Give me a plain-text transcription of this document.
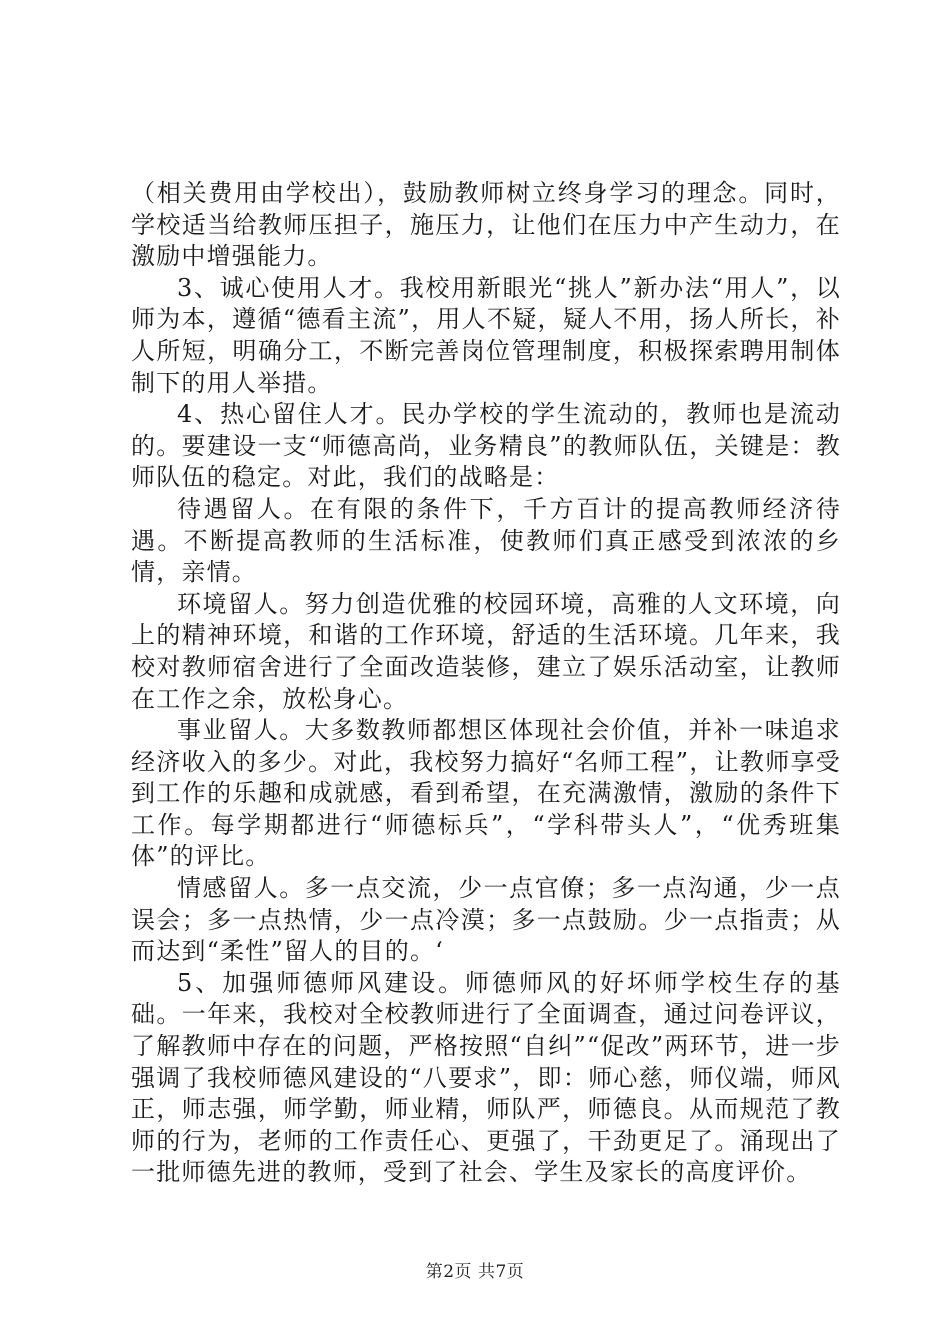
（相关费用由学校出），鼓励教师树立终身学习的理念。同时，学校适当给教师压担子，施压力，让他们在压力中产生动力，在激励中增强能力。

3、诚心使用人才。我校用新眼光“挑人”新办法“用人”，以师为本，遵循“德看主流”，用人不疑，疑人不用，扬人所长，补人所短，明确分工，不断完善岗位管理制度，积极探索聘用制体制下的用人举措。

4、热心留住人才。民办学校的学生流动的，教师也是流动的。要建设一支“师德高尚，业务精良”的教师队伍，关键是：教师队伍的稳定。对此，我们的战略是：

待遇留人。在有限的条件下，千方百计的提高教师经济待遇。不断提高教师的生活标准，使教师们真正感受到浓浓的乡情，亲情。

环境留人。努力创造优雅的校园环境，高雅的人文环境，向上的精神环境，和谐的工作环境，舒适的生活环境。几年来，我校对教师宿舍进行了全面改造装修，建立了娱乐活动室，让教师在工作之余，放松身心。

事业留人。大多数教师都想区体现社会价值，并补一味追求经济收入的多少。对此，我校努力搞好“名师工程”，让教师享受到工作的乐趣和成就感，看到希望，在充满激情，激励的条件下工作。每学期都进行“师德标兵”，“学科带头人”，“优秀班集体”的评比。

情感留人。多一点交流，少一点官僚；多一点沟通，少一点误会；多一点热情，少一点冷漠；多一点鼓励。少一点指责；从而达到“柔性”留人的目的。‘

5、加强师德师风建设。师德师风的好坏师学校生存的基础。一年来，我校对全校教师进行了全面调查，通过问卷评议，了解教师中存在的问题，严格按照“自纠”“促改”两环节，进一步强调了我校师德风建设的“八要求”，即：师心慈，师仪端，师风正，师志强，师学勤，师业精，师队严，师德良。从而规范了教师的行为，老师的工作责任心、更强了，干劲更足了。涌现出了一批师德先进的教师，受到了社会、学生及家长的高度评价。

第2页 共7页
